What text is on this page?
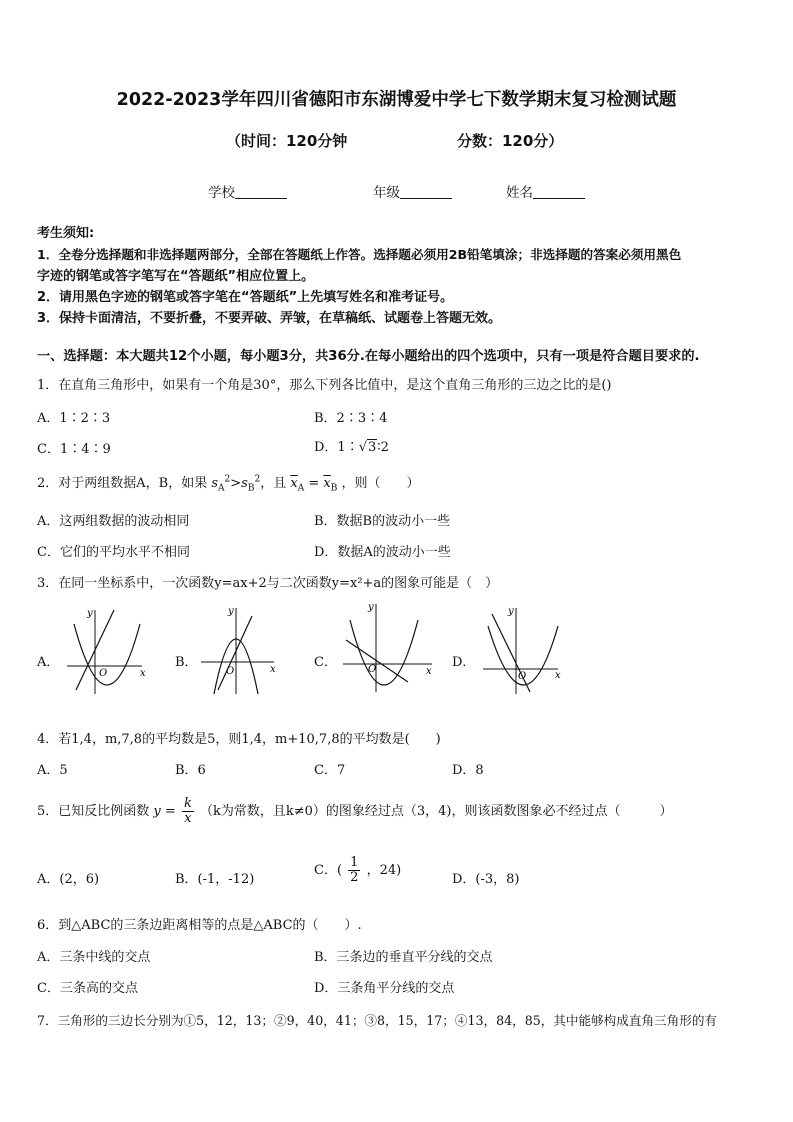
2022-2023学年四川省德阳市东湖博爱中学七下数学期末复习检测试题
（时间：120分钟	分数：120分）
学校	年级	姓名
考生须知:
1．全卷分选择题和非选择题两部分，全部在答题纸上作答。选择题必须用2B铅笔填涂；非选择题的答案必须用黑色
字迹的钢笔或答字笔写在“答题纸”相应位置上。
2．请用黑色字迹的钢笔或答字笔在“答题纸”上先填写姓名和准考证号。
3．保持卡面清洁，不要折叠，不要弄破、弄皱，在草稿纸、试题卷上答题无效。
一、选择题：本大题共12个小题，每小题3分，共36分.在每小题给出的四个选项中，只有一项是符合题目要求的.
1．在直角三角形中，如果有一个角是30°，那么下列各比值中，是这个直角三角形的三边之比的是()
A．1∶2∶3	B．2∶3∶4
C．1∶4∶9	D．1∶√3∶2
2．对于两组数据A，B，如果 $s_A^2>s_B^2$，且 $\overline{x}_A = \overline{x}_B$ ，则（　　）
A．这两组数据的波动相同	B．数据B的波动小一些
C．它们的平均水平不相同	D．数据A的波动小一些
3．在同一坐标系中，一次函数y=ax+2与二次函数y=x²+a的图象可能是（　）
A．
O	x
y
B．
O	x
y
C．	O	x
y
D．
O	x
y
4．若1,4，m,7,8的平均数是5，则1,4，m+10,7,8的平均数是(　　)
A．5	B．6	C．7	D．8
5．已知反比例函数 $y = \frac{k}{x} (k$为常数，且k≠0）的图象经过点（3，4)，则该函数图象必不经过点（　　　）
A．(2，6)	B．(-1，-12)
C．( $\frac{1}{2}$ ，24)
D．(-3，8)
6．到△ABC的三条边距离相等的点是△ABC的（　　）.
A．三条中线的交点	B．三条边的垂直平分线的交点
C．三条高的交点	D．三条角平分线的交点
7．三角形的三边长分别为①5，12，13；②9，40，41；③8，15，17；④13，84，85，其中能够构成直角三角形的有
